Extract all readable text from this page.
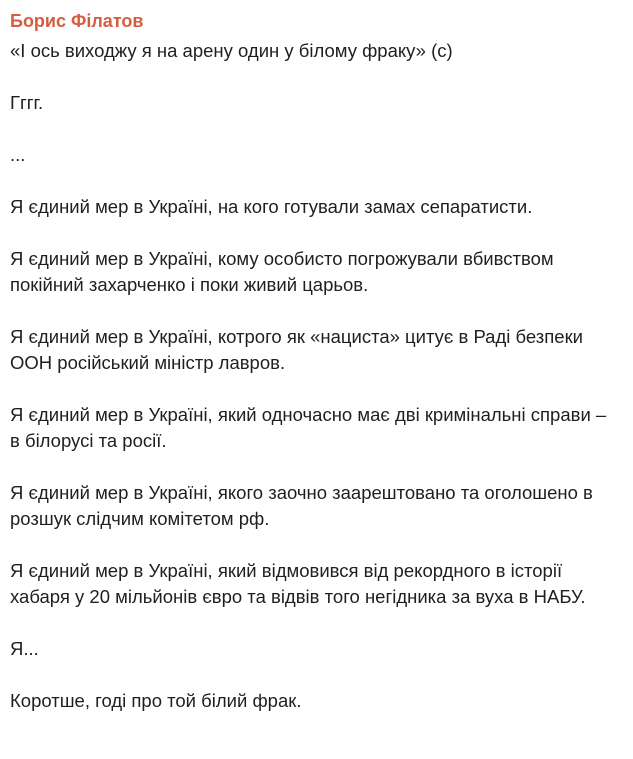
Борис Філатов
«І ось виходжу я на арену один у білому фраку» (с)
Гггг.
...
Я єдиний мер в Україні, на кого готували замах сепаратисти.
Я єдиний мер в Україні, кому особисто погрожували вбивством покійний захарченко і поки живий царьов.
Я єдиний мер в Україні, котрого як «нациста» цитує в Раді безпеки ООН російський міністр лавров.
Я єдиний мер в Україні, який одночасно має дві кримінальні справи – в білорусі та росії.
Я єдиний мер в Україні, якого заочно заарештовано та оголошено в розшук слідчим комітетом рф.
Я єдиний мер в Україні, який відмовився від рекордного в історії хабаря у 20 мільйонів євро та відвів того негідника за вуха в НАБУ.
Я...
Коротше, годі про той білий фрак.
